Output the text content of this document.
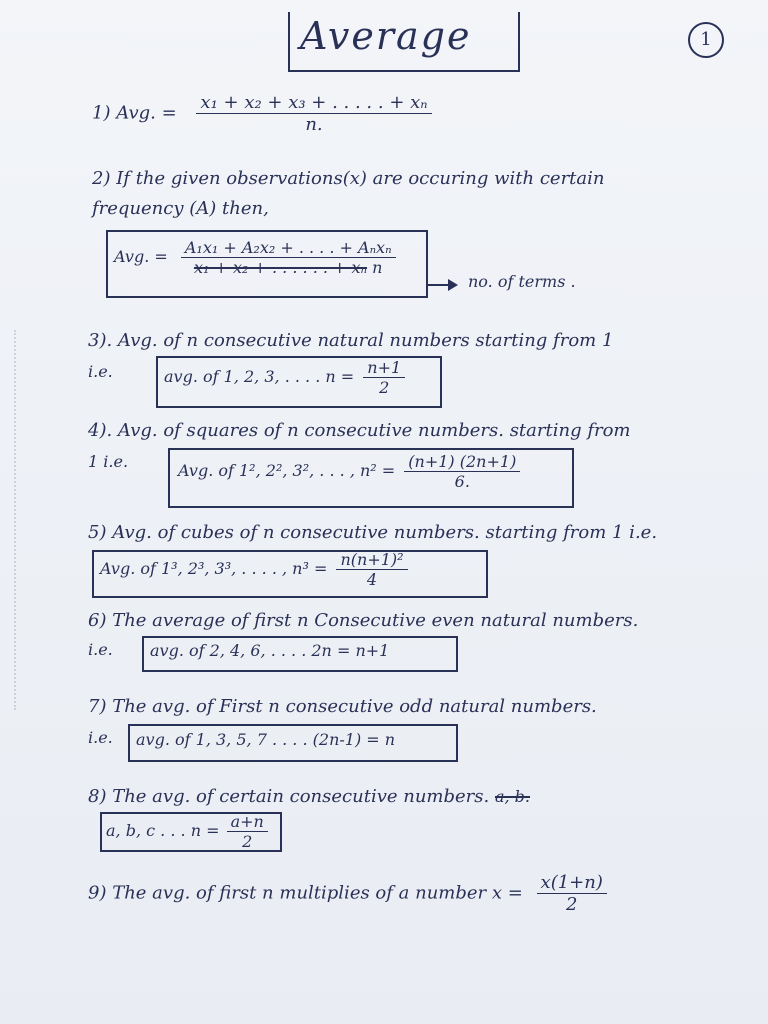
Average	1
1) Avg. = $\frac{\text{x₁ + x₂ + x₃ + . . . . . + xₙ}}{n.}$
2) If the given observations(x) are occuring with certain
frequency (A) then,
Avg. = $\frac{\text{A₁x₁ + A₂x₂ + . . . . + Aₙxₙ}}{\text{x₁ + x₂ + . . . . . . + xₙ n}}$
no. of terms .
3). Avg. of n consecutive natural numbers starting from 1
i.e.	avg. of 1, 2, 3, . . . . $n = \frac{n+1}{2}$
4). Avg. of squares of n consecutive numbers. starting from
1 i.e.	Avg. of 1², 2², 3², . . . , $n^2 = \frac{(n+1) (2n+1)}{6.}$
5) Avg. of cubes of n consecutive numbers. starting from 1 i.e.
Avg. of 1³, 2³, 3³, . . . . , $n^3 = \frac{\text{n(n+1)²}}{4}$
6) The average of first n Consecutive even natural numbers.
i.e. avg. of 2, 4, 6, . . . . 2n = n+1
7) The avg. of First n consecutive odd natural numbers.
i.e. avg. of 1, 3, 5, 7 . . . . (2n-1) = n
8) The avg. of certain consecutive numbers. a, b.
a, b, c . . . $n = \frac{a+n}{2}$
9) The avg. of first n multiplies of a number $x = \frac{x(1+n)}{2}$
